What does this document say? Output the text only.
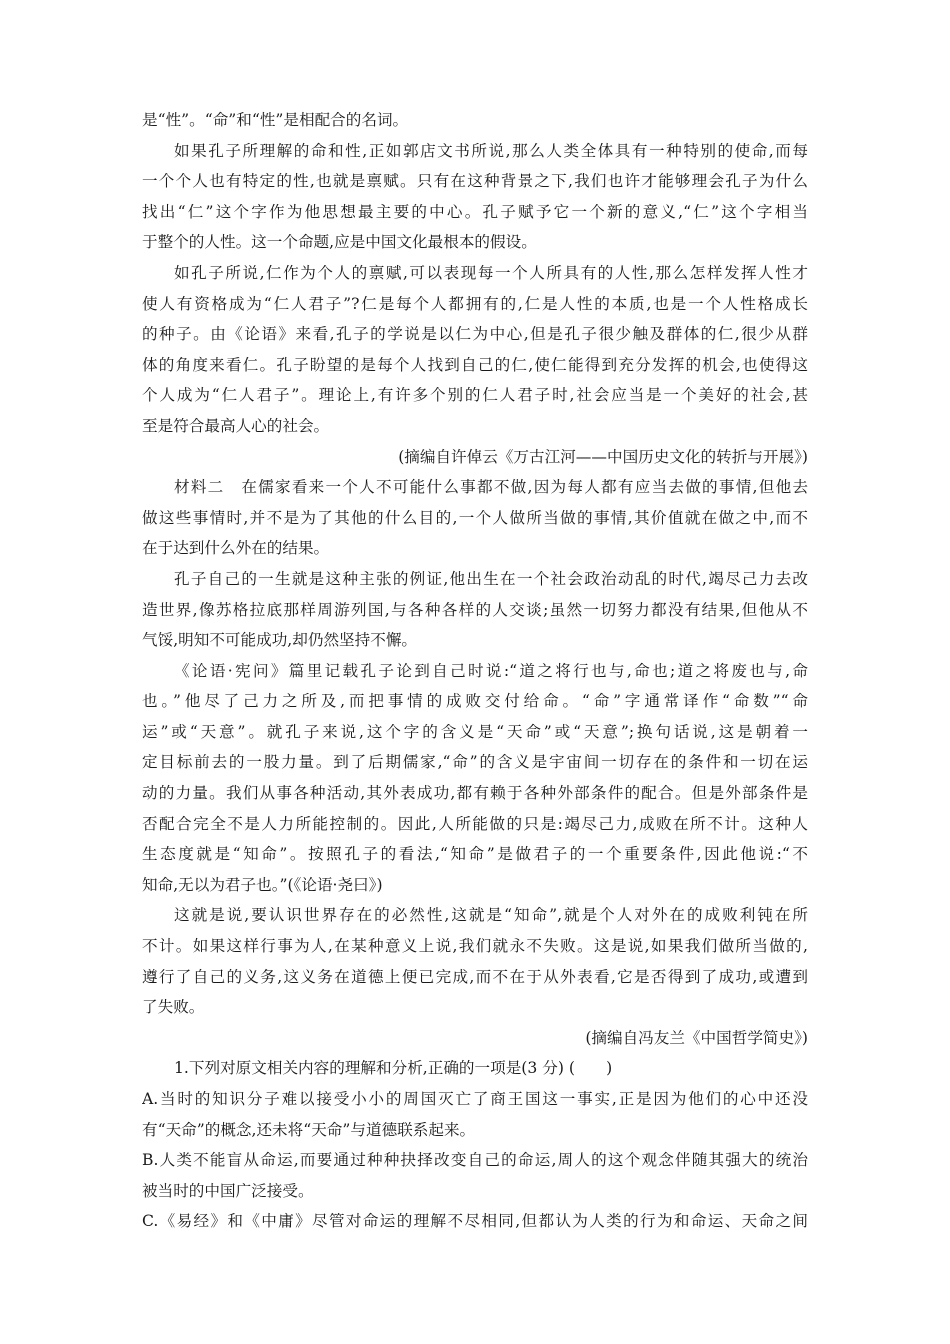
是“性”。“命”和“性”是相配合的名词。
如果孔子所理解的命和性,正如郭店文书所说,那么人类全体具有一种特别的使命,而每
一个个人也有特定的性,也就是禀赋。只有在这种背景之下,我们也许才能够理会孔子为什么
找出“仁”这个字作为他思想最主要的中心。孔子赋予它一个新的意义,“仁”这个字相当
于整个的人性。这一个命题,应是中国文化最根本的假设。
如孔子所说,仁作为个人的禀赋,可以表现每一个人所具有的人性,那么怎样发挥人性才
使人有资格成为“仁人君子”?仁是每个人都拥有的,仁是人性的本质,也是一个人性格成长
的种子。由《论语》来看,孔子的学说是以仁为中心,但是孔子很少触及群体的仁,很少从群
体的角度来看仁。孔子盼望的是每个人找到自己的仁,使仁能得到充分发挥的机会,也使得这
个人成为“仁人君子”。理论上,有许多个别的仁人君子时,社会应当是一个美好的社会,甚
至是符合最高人心的社会。
(摘编自许倬云《万古江河——中国历史文化的转折与开展》)
材料二　在儒家看来一个人不可能什么事都不做,因为每人都有应当去做的事情,但他去
做这些事情时,并不是为了其他的什么目的,一个人做所当做的事情,其价值就在做之中,而不
在于达到什么外在的结果。
孔子自己的一生就是这种主张的例证,他出生在一个社会政治动乱的时代,竭尽己力去改
造世界,像苏格拉底那样周游列国,与各种各样的人交谈;虽然一切努力都没有结果,但他从不
气馁,明知不可能成功,却仍然坚持不懈。
《论语·宪问》篇里记载孔子论到自己时说:“道之将行也与,命也;道之将废也与,命
也。”他尽了己力之所及,而把事情的成败交付给命。“命”字通常译作“命数”“命
运”或“天意”。就孔子来说,这个字的含义是“天命”或“天意”;换句话说,这是朝着一
定目标前去的一股力量。到了后期儒家,“命”的含义是宇宙间一切存在的条件和一切在运
动的力量。我们从事各种活动,其外表成功,都有赖于各种外部条件的配合。但是外部条件是
否配合完全不是人力所能控制的。因此,人所能做的只是:竭尽己力,成败在所不计。这种人
生态度就是“知命”。按照孔子的看法,“知命”是做君子的一个重要条件,因此他说:“不
知命,无以为君子也。”(《论语·尧曰》)
这就是说,要认识世界存在的必然性,这就是“知命”,就是个人对外在的成败利钝在所
不计。如果这样行事为人,在某种意义上说,我们就永不失败。这是说,如果我们做所当做的,
遵行了自己的义务,这义务在道德上便已完成,而不在于从外表看,它是否得到了成功,或遭到
了失败。
(摘编自冯友兰《中国哲学简史》)
1.下列对原文相关内容的理解和分析,正确的一项是(3 分) (　　)
A.当时的知识分子难以接受小小的周国灭亡了商王国这一事实,正是因为他们的心中还没
有“天命”的概念,还未将“天命”与道德联系起来。
B.人类不能盲从命运,而要通过种种抉择改变自己的命运,周人的这个观念伴随其强大的统治
被当时的中国广泛接受。
C.《易经》和《中庸》尽管对命运的理解不尽相同,但都认为人类的行为和命运、天命之间
